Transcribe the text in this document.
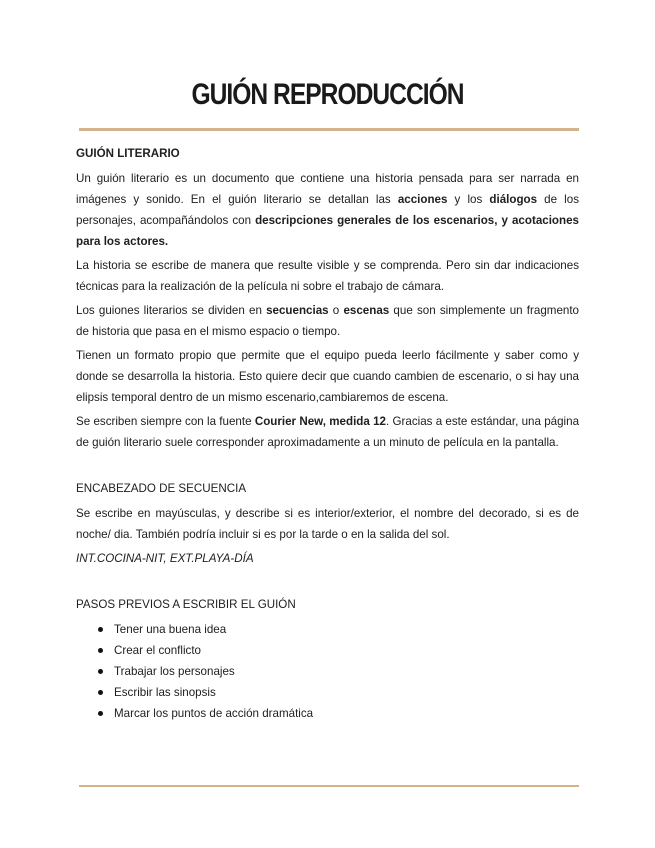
GUIÓN REPRODUCCIÓN

GUIÓN LITERARIO

Un guión literario es un documento que contiene una historia pensada para ser narrada en imágenes y sonido. En el guión literario se detallan las acciones y los diálogos de los personajes, acompañándolos con descripciones generales de los escenarios, y acotaciones para los actores.

La historia se escribe de manera que resulte visible y se comprenda. Pero sin dar indicaciones técnicas para la realización de la película ni sobre el trabajo de cámara.

Los guiones literarios se dividen en secuencias o escenas que son simplemente un fragmento de historia que pasa en el mismo espacio o tiempo.

Tienen un formato propio que permite que el equipo pueda leerlo fácilmente y saber como y donde se desarrolla la historia. Esto quiere decir que cuando cambien de escenario, o si hay una elipsis temporal dentro de un mismo escenario,cambiaremos de escena.

Se escriben siempre con la fuente Courier New, medida 12. Gracias a este estándar, una página de guión literario suele corresponder aproximadamente a un minuto de película en la pantalla.

ENCABEZADO DE SECUENCIA

Se escribe en mayúsculas, y describe si es interior/exterior, el nombre del decorado, si es de noche/ dia. También podría incluir si es por la tarde o en la salida del sol.

INT.COCINA-NIT, EXT.PLAYA-DÍA

PASOS PREVIOS A ESCRIBIR EL GUIÓN

Tener una buena idea
Crear el conflicto
Trabajar los personajes
Escribir las sinopsis
Marcar los puntos de acción dramática
